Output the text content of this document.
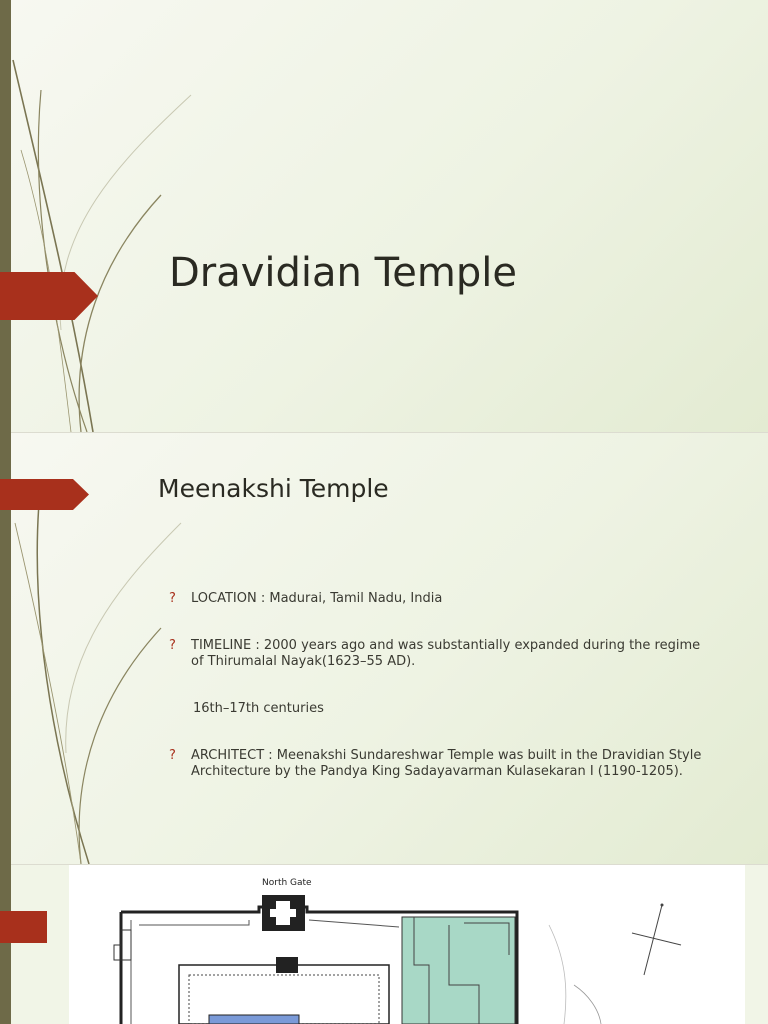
Dravidian Temple
? LOCATION : Madurai, Tamil Nadu, India
? TIMELINE : 2000 years ago and was substantially expanded during the regime of Thirumalal Nayak(1623–55 AD).
16th–17th centuries
? ARCHITECT : Meenakshi Sundareshwar Temple was built in the Dravidian Style Architecture by the Pandya King Sadayavarman Kulasekaran I (1190-1205).
Meenakshi Temple
North Gate
